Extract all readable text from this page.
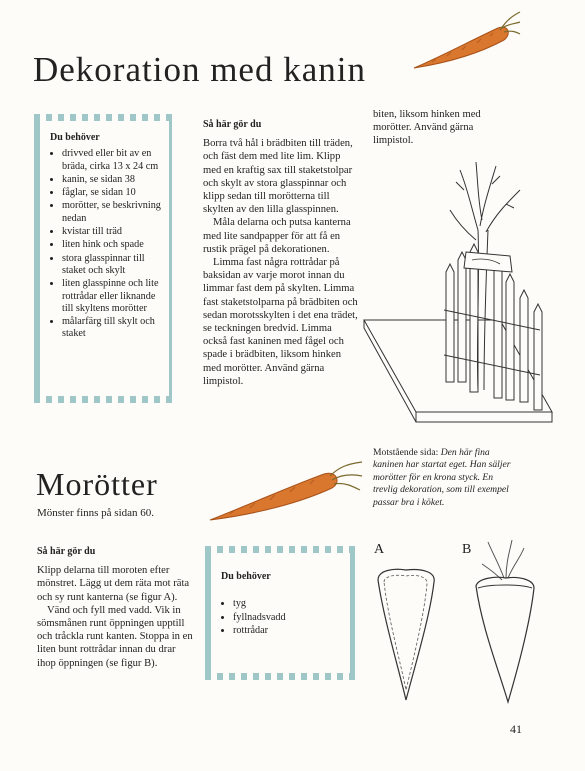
Dekoration med kanin
Du behöver
• drivved eller bit av en bräda, cirka 13 x 24 cm
• kanin, se sidan 38
• fåglar, se sidan 10
• morötter, se beskrivning nedan
• kvistar till träd
• liten hink och spade
• stora glasspinnar till staket och skylt
• liten glasspinne och lite rottrådar eller liknande till skyltens morötter
• målarfärg till skylt och staket
Så här gör du

Borra två hål i brädbiten till träden, och fäst dem med lite lim. Klipp med en kraftig sax till staketstolpar och skylt av stora glasspinnar och klipp sedan till morötterna till skylten av den lilla glasspinnen.

Måla delarna och putsa kanterna med lite sandpapper för att få en rustik prägel på dekorationen.

Limma fast några rottrådar på baksidan av varje morot innan du limmar fast dem på skylten. Limma fast staketstolparna på brädbiten och sedan morotsskylten i det ena trädet, se teckningen bredvid. Limma också fast kaninen med fågel och spade i brädbiten, liksom hinken med morötter. Använd gärna limpistol.

biten, liksom hinken med morötter. Använd gärna limpistol.

Motstående sida: Den här fina kaninen har startat eget. Han säljer morötter för en krona styck. En trevlig dekoration, som till exempel passar bra i köket.
Morötter
Mönster finns på sidan 60.
Så här gör du

Klipp delarna till moroten efter mönstret. Lägg ut dem räta mot räta och sy runt kanterna (se figur A).

Vänd och fyll med vadd. Vik in sömsmånen runt öppningen upptill och tråckla runt kanten. Stoppa in en liten bunt rottrådar innan du drar ihop öppningen (se figur B).

Du behöver
• tyg
• fyllnadsvadd
• rottrådar
A	B
41
